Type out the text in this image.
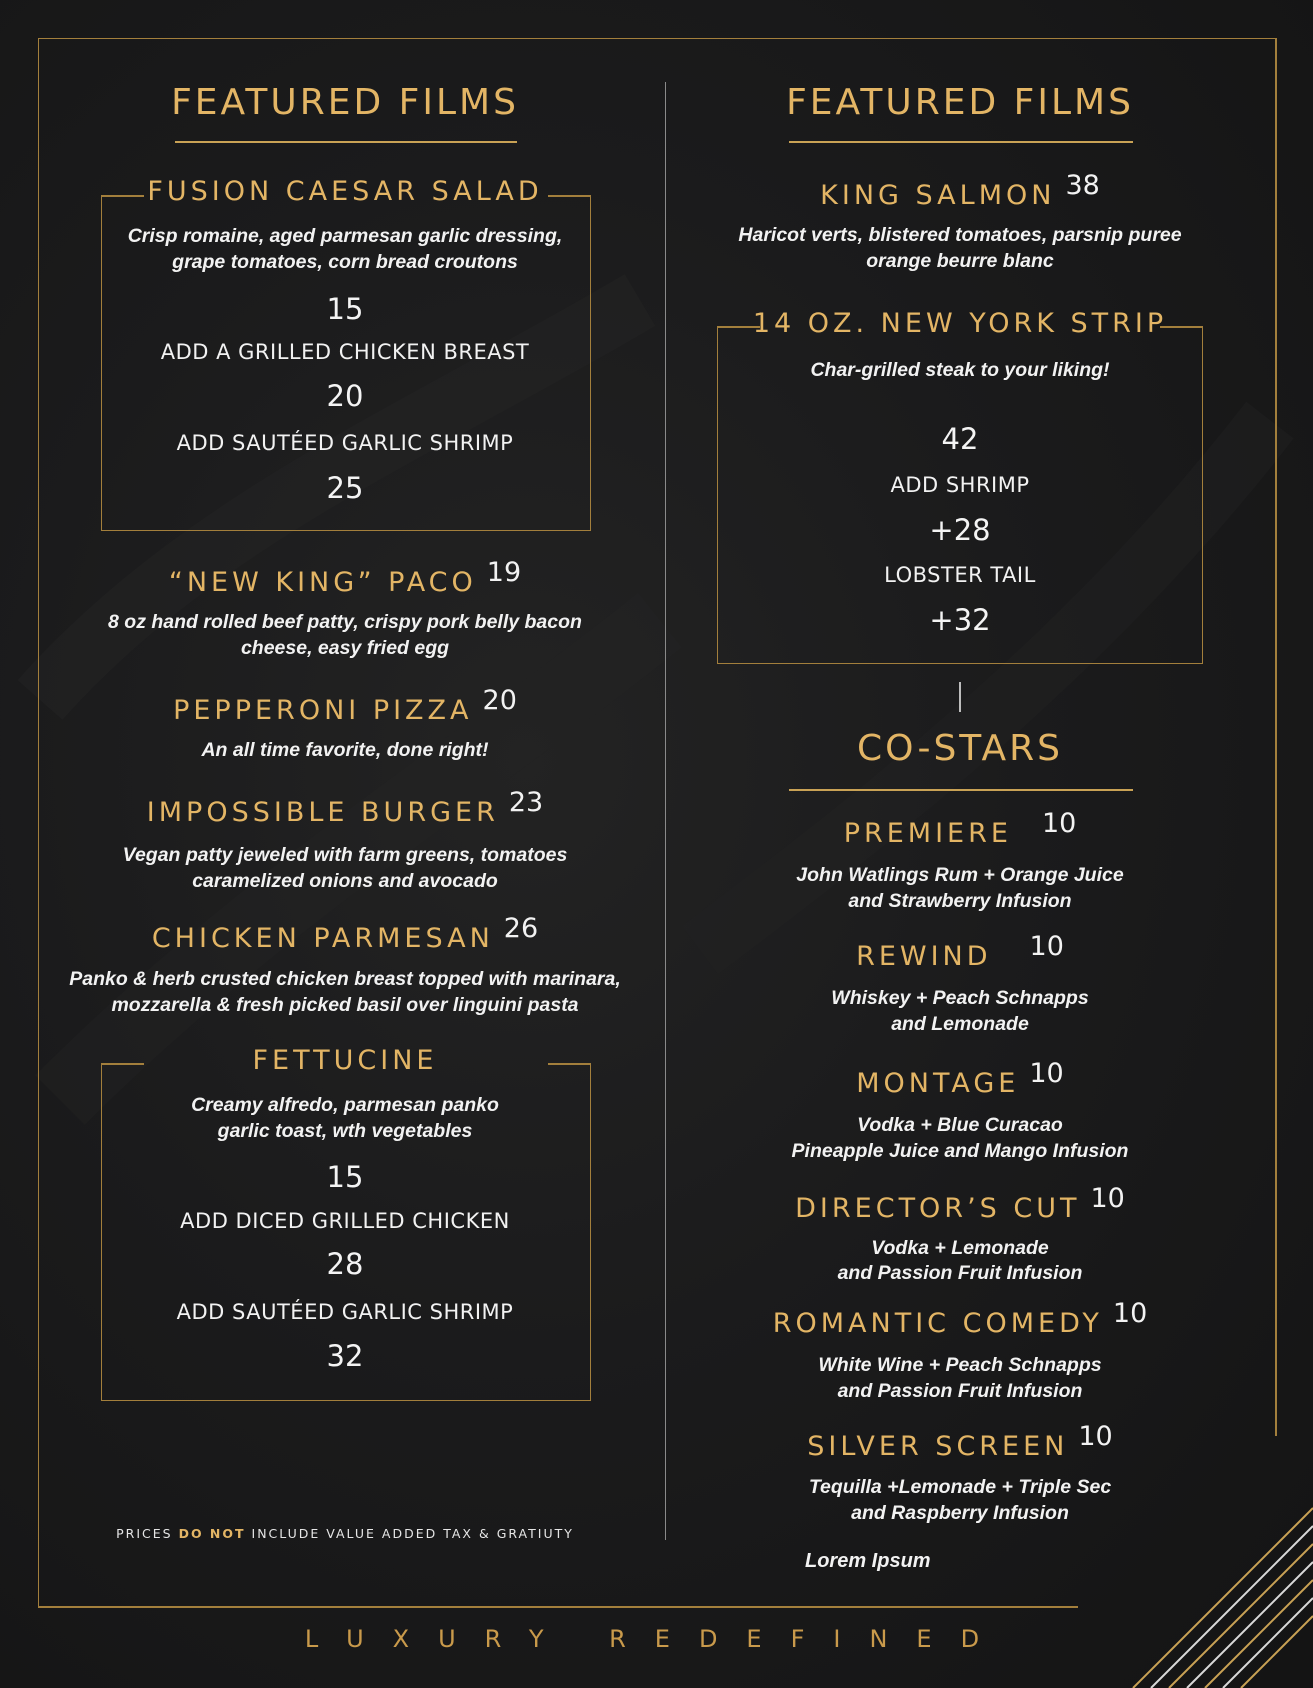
FEATURED FILMS
FUSION CAESAR SALAD
Crisp romaine, aged parmesan garlic dressing,
grape tomatoes, corn bread croutons
15
ADD A GRILLED CHICKEN BREAST
20
ADD SAUTÉED GARLIC SHRIMP
25
“NEW KING” PACO 19
8 oz hand rolled beef patty, crispy pork belly bacon
cheese, easy fried egg
PEPPERONI PIZZA 20
An all time favorite, done right!
IMPOSSIBLE BURGER 23
Vegan patty jeweled with farm greens, tomatoes
caramelized onions and avocado
CHICKEN PARMESAN 26
Panko & herb crusted chicken breast topped with marinara,
mozzarella & fresh picked basil over linguini pasta
FETTUCINE
Creamy alfredo, parmesan panko
garlic toast, wth vegetables
15
ADD DICED GRILLED CHICKEN
28
ADD SAUTÉED GARLIC SHRIMP
32
PRICES DO NOT INCLUDE VALUE ADDED TAX & GRATIUTY
FEATURED FILMS
KING SALMON 38
Haricot verts, blistered tomatoes, parsnip puree
orange beurre blanc
14 OZ. NEW YORK STRIP
Char-grilled steak to your liking!
42
ADD SHRIMP
+28
LOBSTER TAIL
+32
CO-STARS
PREMIERE 10
John Watlings Rum + Orange Juice
and Strawberry Infusion
REWIND 10
Whiskey + Peach Schnapps
and Lemonade
MONTAGE 10
Vodka + Blue Curacao
Pineapple Juice and Mango Infusion
DIRECTOR’S CUT 10
Vodka + Lemonade
and Passion Fruit Infusion
ROMANTIC COMEDY 10
White Wine + Peach Schnapps
and Passion Fruit Infusion
SILVER SCREEN 10
Tequilla +Lemonade + Triple Sec
and Raspberry Infusion
Lorem Ipsum
LUXURY REDEFINED
